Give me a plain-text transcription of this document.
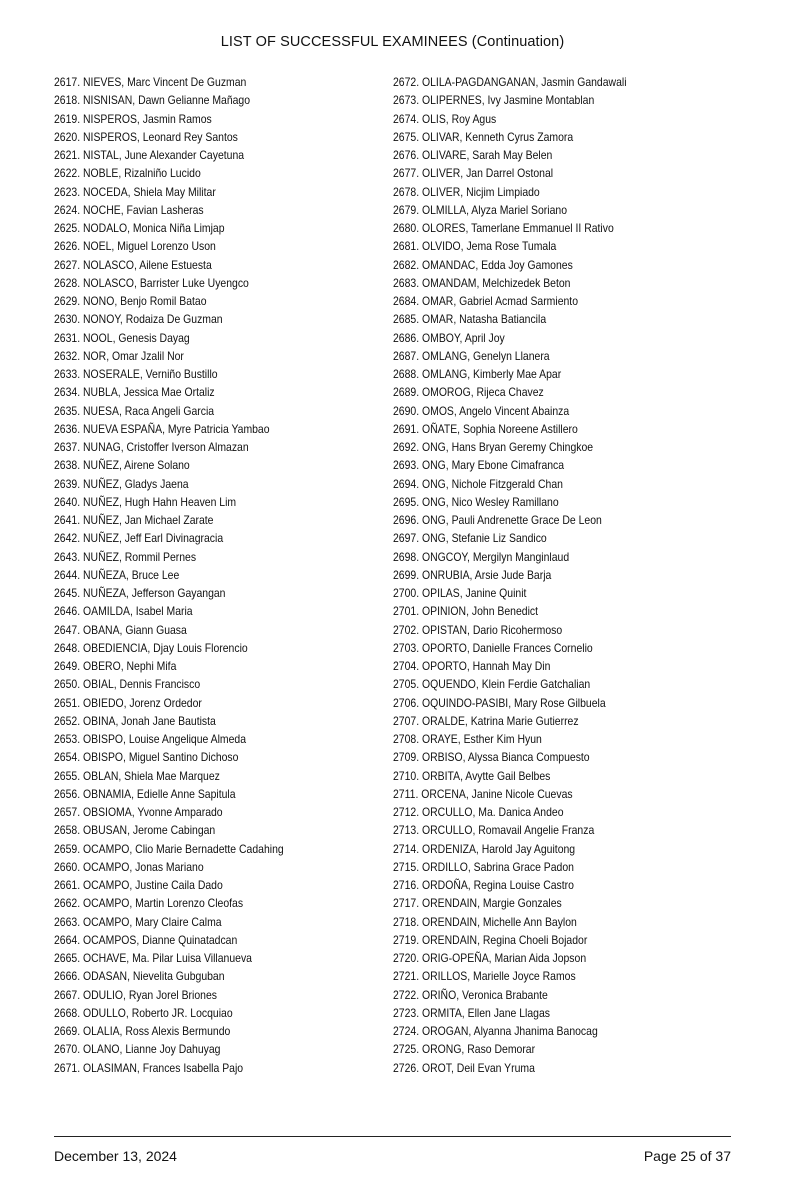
LIST OF SUCCESSFUL EXAMINEES (Continuation)
2617. NIEVES, Marc Vincent De Guzman
2618. NISNISAN, Dawn Gelianne Mañago
2619. NISPEROS, Jasmin Ramos
2620. NISPEROS, Leonard Rey Santos
2621. NISTAL, June Alexander Cayetuna
2622. NOBLE, Rizalniño Lucido
2623. NOCEDA, Shiela May Militar
2624. NOCHE, Favian Lasheras
2625. NODALO, Monica Niña Limjap
2626. NOEL, Miguel Lorenzo Uson
2627. NOLASCO, Ailene Estuesta
2628. NOLASCO, Barrister Luke Uyengco
2629. NONO, Benjo Romil Batao
2630. NONOY, Rodaiza De Guzman
2631. NOOL, Genesis Dayag
2632. NOR, Omar Jzalil Nor
2633. NOSERALE, Verniño Bustillo
2634. NUBLA, Jessica Mae Ortaliz
2635. NUESA, Raca Angeli Garcia
2636. NUEVA ESPAÑA, Myre Patricia Yambao
2637. NUNAG, Cristoffer Iverson Almazan
2638. NUÑEZ, Airene Solano
2639. NUÑEZ, Gladys Jaena
2640. NUÑEZ, Hugh Hahn Heaven Lim
2641. NUÑEZ, Jan Michael Zarate
2642. NUÑEZ, Jeff Earl Divinagracia
2643. NUÑEZ, Rommil Pernes
2644. NUÑEZA, Bruce Lee
2645. NUÑEZA, Jefferson Gayangan
2646. OAMILDA, Isabel Maria
2647. OBANA, Giann Guasa
2648. OBEDIENCIA, Djay Louis Florencio
2649. OBERO, Nephi Mifa
2650. OBIAL, Dennis Francisco
2651. OBIEDO, Jorenz Ordedor
2652. OBINA, Jonah Jane Bautista
2653. OBISPO, Louise Angelique Almeda
2654. OBISPO, Miguel Santino Dichoso
2655. OBLAN, Shiela Mae Marquez
2656. OBNAMIA, Edielle Anne Sapitula
2657. OBSIOMA, Yvonne Amparado
2658. OBUSAN, Jerome Cabingan
2659. OCAMPO, Clio Marie Bernadette Cadahing
2660. OCAMPO, Jonas Mariano
2661. OCAMPO, Justine Caila Dado
2662. OCAMPO, Martin Lorenzo Cleofas
2663. OCAMPO, Mary Claire Calma
2664. OCAMPOS, Dianne Quinatadcan
2665. OCHAVE, Ma. Pilar Luisa Villanueva
2666. ODASAN, Nievelita Gubguban
2667. ODULIO, Ryan Jorel Briones
2668. ODULLO, Roberto JR. Locquiao
2669. OLALIA, Ross Alexis Bermundo
2670. OLANO, Lianne Joy Dahuyag
2671. OLASIMAN, Frances Isabella Pajo
2672. OLILA-PAGDANGANAN, Jasmin Gandawali
2673. OLIPERNES, Ivy Jasmine Montablan
2674. OLIS, Roy Agus
2675. OLIVAR, Kenneth Cyrus Zamora
2676. OLIVARE, Sarah May Belen
2677. OLIVER, Jan Darrel Ostonal
2678. OLIVER, Nicjim Limpiado
2679. OLMILLA, Alyza Mariel Soriano
2680. OLORES, Tamerlane Emmanuel II Rativo
2681. OLVIDO, Jema Rose Tumala
2682. OMANDAC, Edda Joy Gamones
2683. OMANDAM, Melchizedek Beton
2684. OMAR, Gabriel Acmad Sarmiento
2685. OMAR, Natasha Batiancila
2686. OMBOY, April Joy
2687. OMLANG, Genelyn Llanera
2688. OMLANG, Kimberly Mae Apar
2689. OMOROG, Rijeca Chavez
2690. OMOS, Angelo Vincent Abainza
2691. OÑATE, Sophia Noreene Astillero
2692. ONG, Hans Bryan Geremy Chingkoe
2693. ONG, Mary Ebone Cimafranca
2694. ONG, Nichole Fitzgerald Chan
2695. ONG, Nico Wesley Ramillano
2696. ONG, Pauli Andrenette Grace De Leon
2697. ONG, Stefanie Liz Sandico
2698. ONGCOY, Mergilyn Manginlaud
2699. ONRUBIA, Arsie Jude Barja
2700. OPILAS, Janine Quinit
2701. OPINION, John Benedict
2702. OPISTAN, Dario Ricohermoso
2703. OPORTO, Danielle Frances Cornelio
2704. OPORTO, Hannah May Din
2705. OQUENDO, Klein Ferdie Gatchalian
2706. OQUINDO-PASIBI, Mary Rose Gilbuela
2707. ORALDE, Katrina Marie Gutierrez
2708. ORAYE, Esther Kim Hyun
2709. ORBISO, Alyssa Bianca Compuesto
2710. ORBITA, Avytte Gail Belbes
2711. ORCENA, Janine Nicole Cuevas
2712. ORCULLO, Ma. Danica Andeo
2713. ORCULLO, Romavail Angelie Franza
2714. ORDENIZA, Harold Jay Aguitong
2715. ORDILLO, Sabrina Grace Padon
2716. ORDOÑA, Regina Louise Castro
2717. ORENDAIN, Margie Gonzales
2718. ORENDAIN, Michelle Ann Baylon
2719. ORENDAIN, Regina Choeli Bojador
2720. ORIG-OPEÑA, Marian Aida Jopson
2721. ORILLOS, Marielle Joyce Ramos
2722. ORIÑO, Veronica Brabante
2723. ORMITA, Ellen Jane Llagas
2724. OROGAN, Alyanna Jhanima Banocag
2725. ORONG, Raso Demorar
2726. OROT, Deil Evan Yruma
December 13, 2024	Page 25 of 37
